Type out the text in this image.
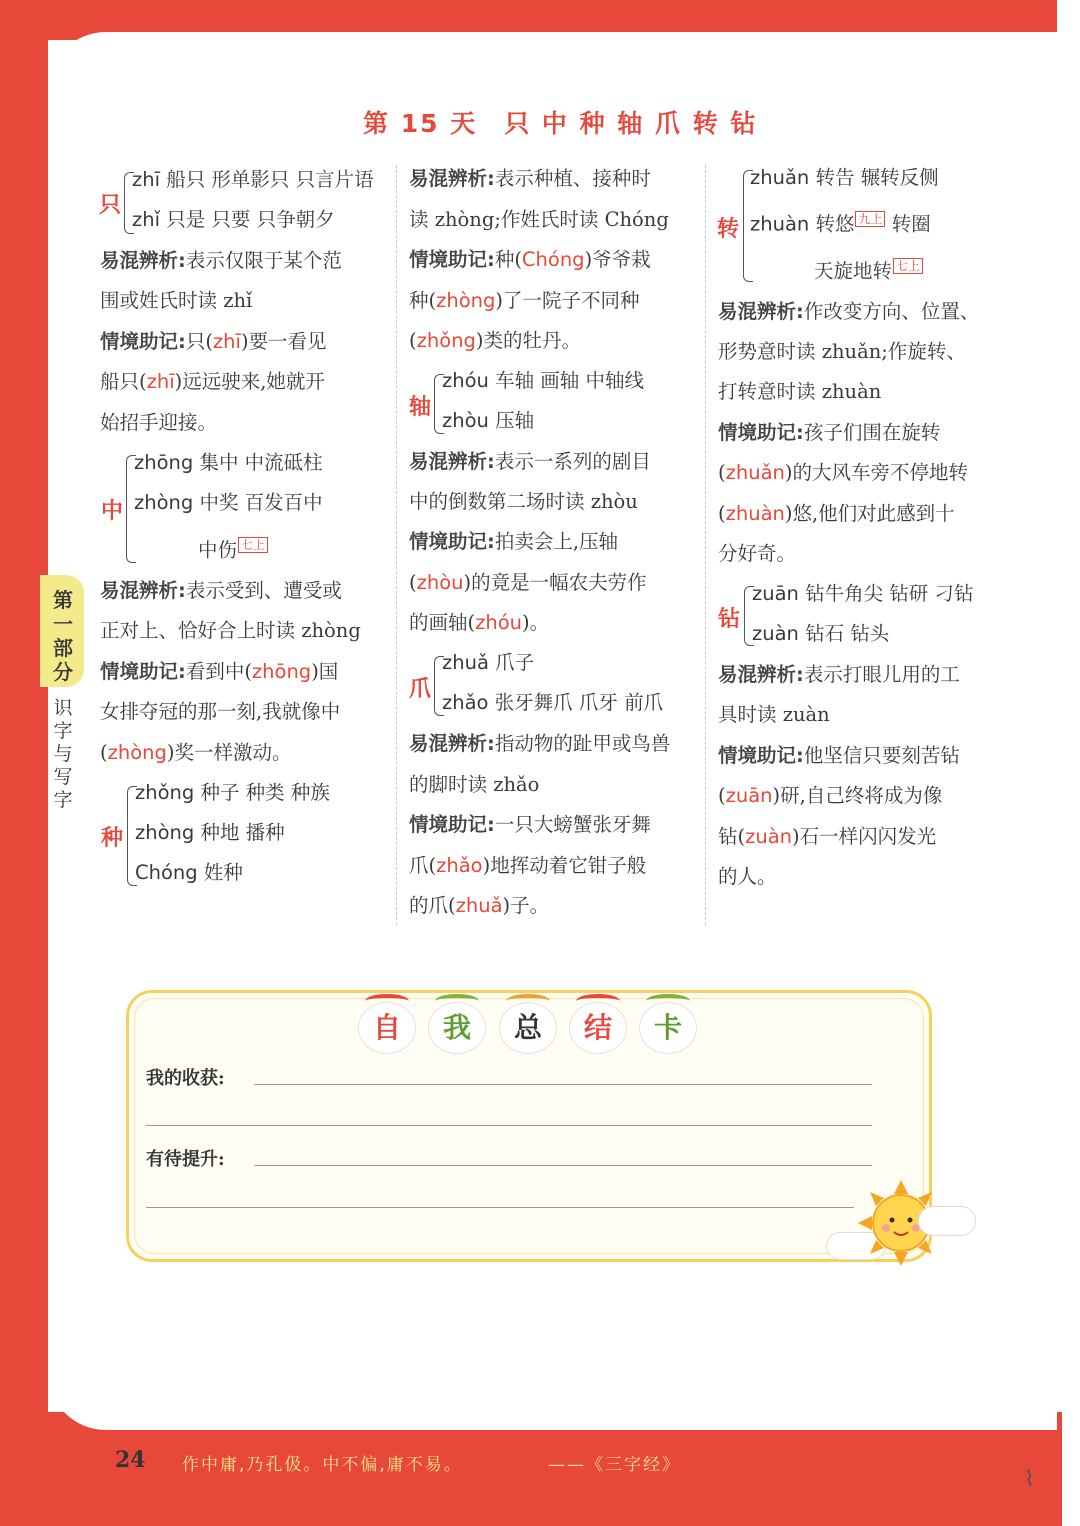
第一部分
识字与写字
第 15 天　只 中 种 轴 爪 转 钻
只
zhī 船只 形单影只 只言片语
zhǐ 只是 只要 只争朝夕
易混辨析:表示仅限于某个范
围或姓氏时读 zhǐ
情境助记:只(zhī)要一看见
船只(zhī)远远驶来,她就开
始招手迎接。
中
zhōng 集中 中流砥柱
zhòng 中奖 百发百中
中伤 七上
易混辨析:表示受到、遭受或
正对上、恰好合上时读 zhòng
情境助记:看到中(zhōng)国
女排夺冠的那一刻,我就像中
(zhòng)奖一样激动。
种
zhǒng 种子 种类 种族
zhòng 种地 播种
Chóng 姓种
易混辨析:表示种植、接种时
读 zhòng;作姓氏时读 Chóng
情境助记:种(Chóng)爷爷栽
种(zhòng)了一院子不同种
(zhǒng)类的牡丹。
轴
zhóu 车轴 画轴 中轴线
zhòu 压轴
易混辨析:表示一系列的剧目
中的倒数第二场时读 zhòu
情境助记:拍卖会上,压轴
(zhòu)的竟是一幅农夫劳作
的画轴(zhóu)。
爪
zhuǎ 爪子
zhǎo 张牙舞爪 爪牙 前爪
易混辨析:指动物的趾甲或鸟兽
的脚时读 zhǎo
情境助记:一只大螃蟹张牙舞
爪(zhǎo)地挥动着它钳子般
的爪(zhuǎ)子。
转
zhuǎn 转告 辗转反侧
zhuàn 转悠 九上 转圈
天旋地转 七上
易混辨析:作改变方向、位置、
形势意时读 zhuǎn;作旋转、
打转意时读 zhuàn
情境助记:孩子们围在旋转
(zhuǎn)的大风车旁不停地转
(zhuàn)悠,他们对此感到十
分好奇。
钻
zuān 钻牛角尖 钻研 刁钻
zuàn 钻石 钻头
易混辨析:表示打眼儿用的工
具时读 zuàn
情境助记:他坚信只要刻苦钻
(zuān)研,自己终将成为像
钻(zuàn)石一样闪闪发光
的人。
自	我	总	结	卡
我的收获:
有待提升:
24 作中庸,乃孔伋。中不偏,庸不易。	——《三字经》
⌇
